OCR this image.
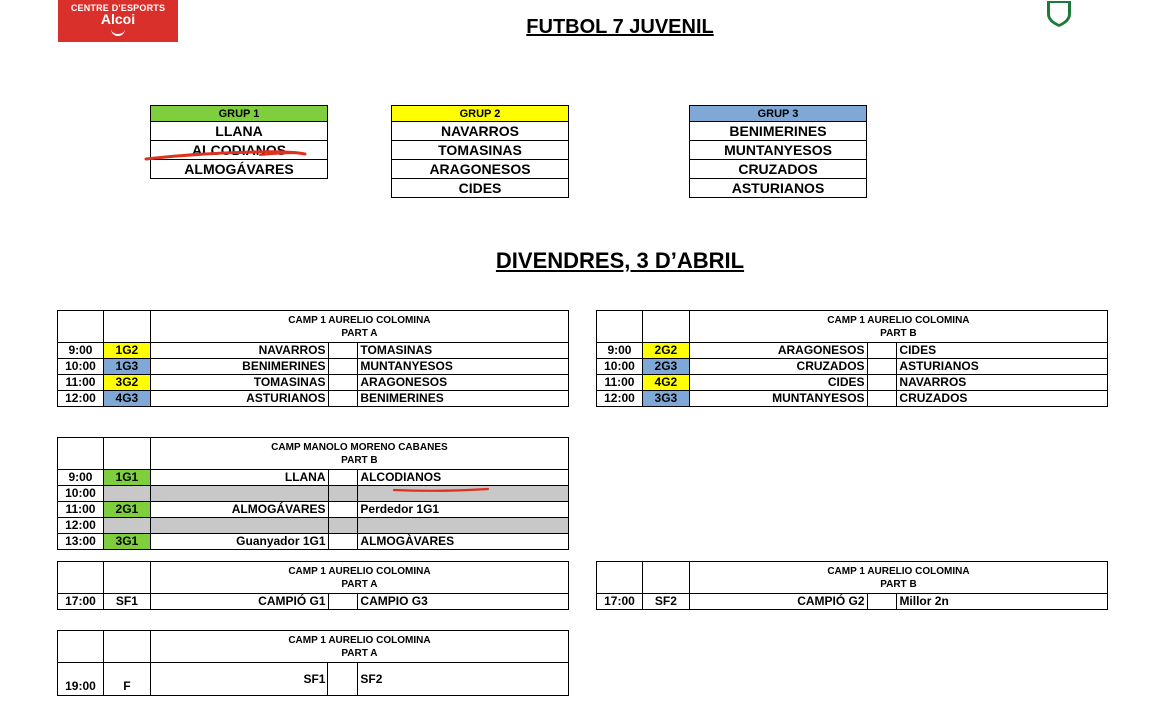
CENTRE D'ESPORTS
Alcoi	FUTBOL 7 JUVENIL
DIVENDRES, 3 D’ABRIL
GRUP 1
LLANA
ALCODIANOS
ALMOGÁVARES
GRUP 2
NAVARROS
TOMASINAS
ARAGONESOS
CIDES
GRUP 3
BENIMERINES
MUNTANYESOS
CRUZADOS
ASTURIANOS
		CAMP 1 AURELIO COLOMINA
PART A		
9:00	1G2	NAVARROS		TOMASINAS
10:00	1G3	BENIMERINES		MUNTANYESOS
11:00	3G2	TOMASINAS		ARAGONESOS
12:00	4G3	ASTURIANOS		BENIMERINES
		CAMP 1 AURELIO COLOMINA
PART B		
9:00	2G2	ARAGONESOS		CIDES
10:00	2G3	CRUZADOS		ASTURIANOS
11:00	4G2	CIDES		NAVARROS
12:00	3G3	MUNTANYESOS		CRUZADOS
		CAMP MANOLO MORENO CABANES
PART B		
9:00	1G1	LLANA		ALCODIANOS
10:00				
11:00	2G1	ALMOGÁVARES		Perdedor 1G1
12:00				
13:00	3G1	Guanyador 1G1		ALMOGÀVARES
		CAMP 1 AURELIO COLOMINA
PART A		
17:00	SF1	CAMPIÓ G1		CAMPIO G3
		CAMP 1 AURELIO COLOMINA
PART B		
17:00	SF2	CAMPIÓ G2		Millor 2n
		CAMP 1 AURELIO COLOMINA
PART A		
19:00	F	SF1		SF2
